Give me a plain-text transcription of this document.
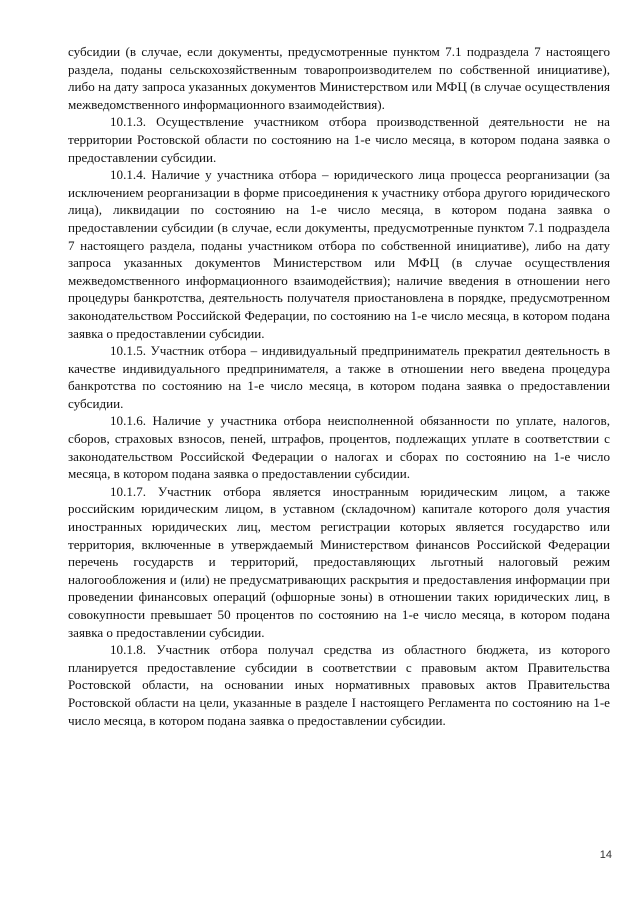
субсидии (в случае, если документы, предусмотренные пунктом 7.1 подраздела 7 настоящего раздела, поданы сельскохозяйственным товаропроизводителем по собственной инициативе), либо на дату запроса указанных документов Министерством или МФЦ (в случае осуществления межведомственного информационного взаимодействия).

10.1.3. Осуществление участником отбора производственной деятельности не на территории Ростовской области по состоянию на 1-е число месяца, в котором подана заявка о предоставлении субсидии.

10.1.4. Наличие у участника отбора – юридического лица процесса реорганизации (за исключением реорганизации в форме присоединения к участнику отбора другого юридического лица), ликвидации по состоянию на 1-е число месяца, в котором подана заявка о предоставлении субсидии (в случае, если документы, предусмотренные пунктом 7.1 подраздела 7 настоящего раздела, поданы участником отбора по собственной инициативе), либо на дату запроса указанных документов Министерством или МФЦ (в случае осуществления межведомственного информационного взаимодействия); наличие введения в отношении него процедуры банкротства, деятельность получателя приостановлена в порядке, предусмотренном законодательством Российской Федерации, по состоянию на 1-е число месяца, в котором подана заявка о предоставлении субсидии.

10.1.5. Участник отбора – индивидуальный предприниматель прекратил деятельность в качестве индивидуального предпринимателя, а также в отношении него введена процедура банкротства по состоянию на 1-е число месяца, в котором подана заявка о предоставлении субсидии.

10.1.6. Наличие у участника отбора неисполненной обязанности по уплате, налогов, сборов, страховых взносов, пеней, штрафов, процентов, подлежащих уплате в соответствии с законодательством Российской Федерации о налогах и сборах по состоянию на 1-е число месяца, в котором подана заявка о предоставлении субсидии.

10.1.7. Участник отбора является иностранным юридическим лицом, а также российским юридическим лицом, в уставном (складочном) капитале которого доля участия иностранных юридических лиц, местом регистрации которых является государство или территория, включенные в утверждаемый Министерством финансов Российской Федерации перечень государств и территорий, предоставляющих льготный налоговый режим налогообложения и (или) не предусматривающих раскрытия и предоставления информации при проведении финансовых операций (офшорные зоны) в отношении таких юридических лиц, в совокупности превышает 50 процентов по состоянию на 1-е число месяца, в котором подана заявка о предоставлении субсидии.

10.1.8. Участник отбора получал средства из областного бюджета, из которого планируется предоставление субсидии в соответствии с правовым актом Правительства Ростовской области, на основании иных нормативных правовых актов Правительства Ростовской области на цели, указанные в разделе I настоящего Регламента по состоянию на 1-е число месяца, в котором подана заявка о предоставлении субсидии.

14
